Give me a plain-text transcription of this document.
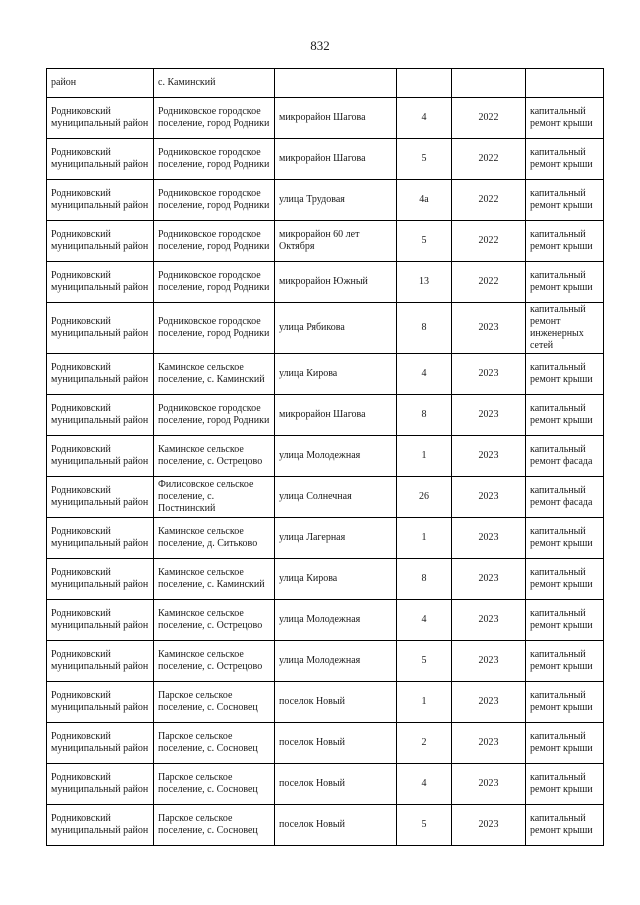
832
район	с. Каминский				
Родниковский муниципальный район	Родниковское городское поселение, город Родники	микрорайон Шагова	4	2022	капитальный ремонт крыши
Родниковский муниципальный район	Родниковское городское поселение, город Родники	микрорайон Шагова	5	2022	капитальный ремонт крыши
Родниковский муниципальный район	Родниковское городское поселение, город Родники	улица Трудовая	4а	2022	капитальный ремонт крыши
Родниковский муниципальный район	Родниковское городское поселение, город Родники	микрорайон 60 лет Октября	5	2022	капитальный ремонт крыши
Родниковский муниципальный район	Родниковское городское поселение, город Родники	микрорайон Южный	13	2022	капитальный ремонт крыши
Родниковский муниципальный район	Родниковское городское поселение, город Родники	улица Рябикова	8	2023	капитальный ремонт инженерных сетей
Родниковский муниципальный район	Каминское сельское поселение, с. Каминский	улица Кирова	4	2023	капитальный ремонт крыши
Родниковский муниципальный район	Родниковское городское поселение, город Родники	микрорайон Шагова	8	2023	капитальный ремонт крыши
Родниковский муниципальный район	Каминское сельское поселение, с. Острецово	улица Молодежная	1	2023	капитальный ремонт фасада
Родниковский муниципальный район	Филисовское сельское поселение, с. Постнинский	улица Солнечная	26	2023	капитальный ремонт фасада
Родниковский муниципальный район	Каминское сельское поселение, д. Ситьково	улица Лагерная	1	2023	капитальный ремонт крыши
Родниковский муниципальный район	Каминское сельское поселение, с. Каминский	улица Кирова	8	2023	капитальный ремонт крыши
Родниковский муниципальный район	Каминское сельское поселение, с. Острецово	улица Молодежная	4	2023	капитальный ремонт крыши
Родниковский муниципальный район	Каминское сельское поселение, с. Острецово	улица Молодежная	5	2023	капитальный ремонт крыши
Родниковский муниципальный район	Парское сельское поселение, с. Сосновец	поселок Новый	1	2023	капитальный ремонт крыши
Родниковский муниципальный район	Парское сельское поселение, с. Сосновец	поселок Новый	2	2023	капитальный ремонт крыши
Родниковский муниципальный район	Парское сельское поселение, с. Сосновец	поселок Новый	4	2023	капитальный ремонт крыши
Родниковский муниципальный район	Парское сельское поселение, с. Сосновец	поселок Новый	5	2023	капитальный ремонт крыши
